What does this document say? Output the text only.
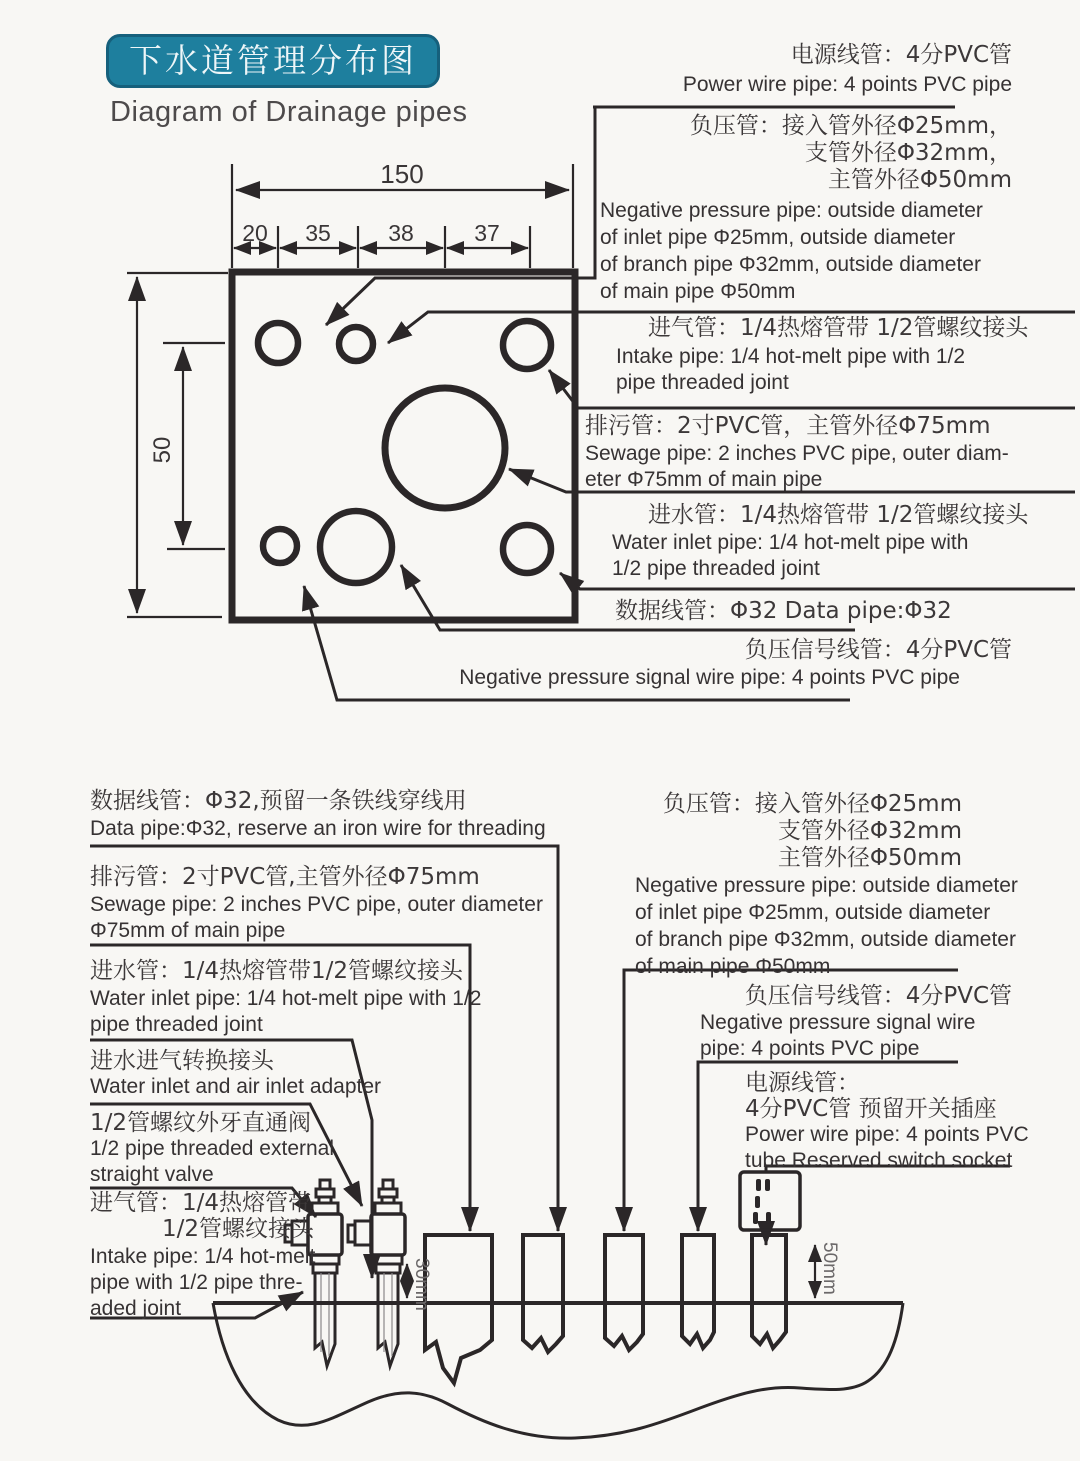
150
20 35 38	37
50
30mm	50mm
下水道管理分布图
Diagram of Drainage pipes
电源线管：4分PVC管
Power wire pipe: 4 points PVC pipe
负压管：接入管外径Φ25mm，
支管外径Φ32mm，
主管外径Φ50mm
Negative pressure pipe: outside diameter
of inlet pipe Φ25mm, outside diameter
of branch pipe Φ32mm, outside diameter
of main pipe Φ50mm
进气管：1/4热熔管带 1/2管螺纹接头
Intake pipe: 1/4 hot-melt pipe with 1/2
pipe threaded joint
排污管：2寸PVC管，主管外径Φ75mm
Sewage pipe: 2 inches PVC pipe, outer diam-
eter Φ75mm of main pipe
进水管：1/4热熔管带 1/2管螺纹接头
Water inlet pipe: 1/4 hot-melt pipe with
1/2 pipe threaded joint
数据线管：Φ32 Data pipe:Φ32
负压信号线管：4分PVC管
Negative pressure signal wire pipe: 4 points PVC pipe
数据线管：Φ32,预留一条铁线穿线用
Data pipe:Φ32, reserve an iron wire for threading
排污管：2寸PVC管,主管外径Φ75mm
Sewage pipe: 2 inches PVC pipe, outer diameter
Φ75mm of main pipe
进水管：1/4热熔管带1/2管螺纹接头
Water inlet pipe: 1/4 hot-melt pipe with 1/2
pipe threaded joint
进水进气转换接头
Water inlet and air inlet adapter
1/2管螺纹外牙直通阀
1/2 pipe threaded external
straight valve
进气管：1/4热熔管带
1/2管螺纹接头
Intake pipe: 1/4 hot-melt
pipe with 1/2 pipe thre-
aded joint
负压管：接入管外径Φ25mm
支管外径Φ32mm
主管外径Φ50mm
Negative pressure pipe: outside diameter
of inlet pipe Φ25mm, outside diameter
of branch pipe Φ32mm, outside diameter
of main pipe Φ50mm
负压信号线管：4分PVC管
Negative pressure signal wire
pipe: 4 points PVC pipe
电源线管：
4分PVC管 预留开关插座
Power wire pipe: 4 points PVC
tube Reserved switch socket
